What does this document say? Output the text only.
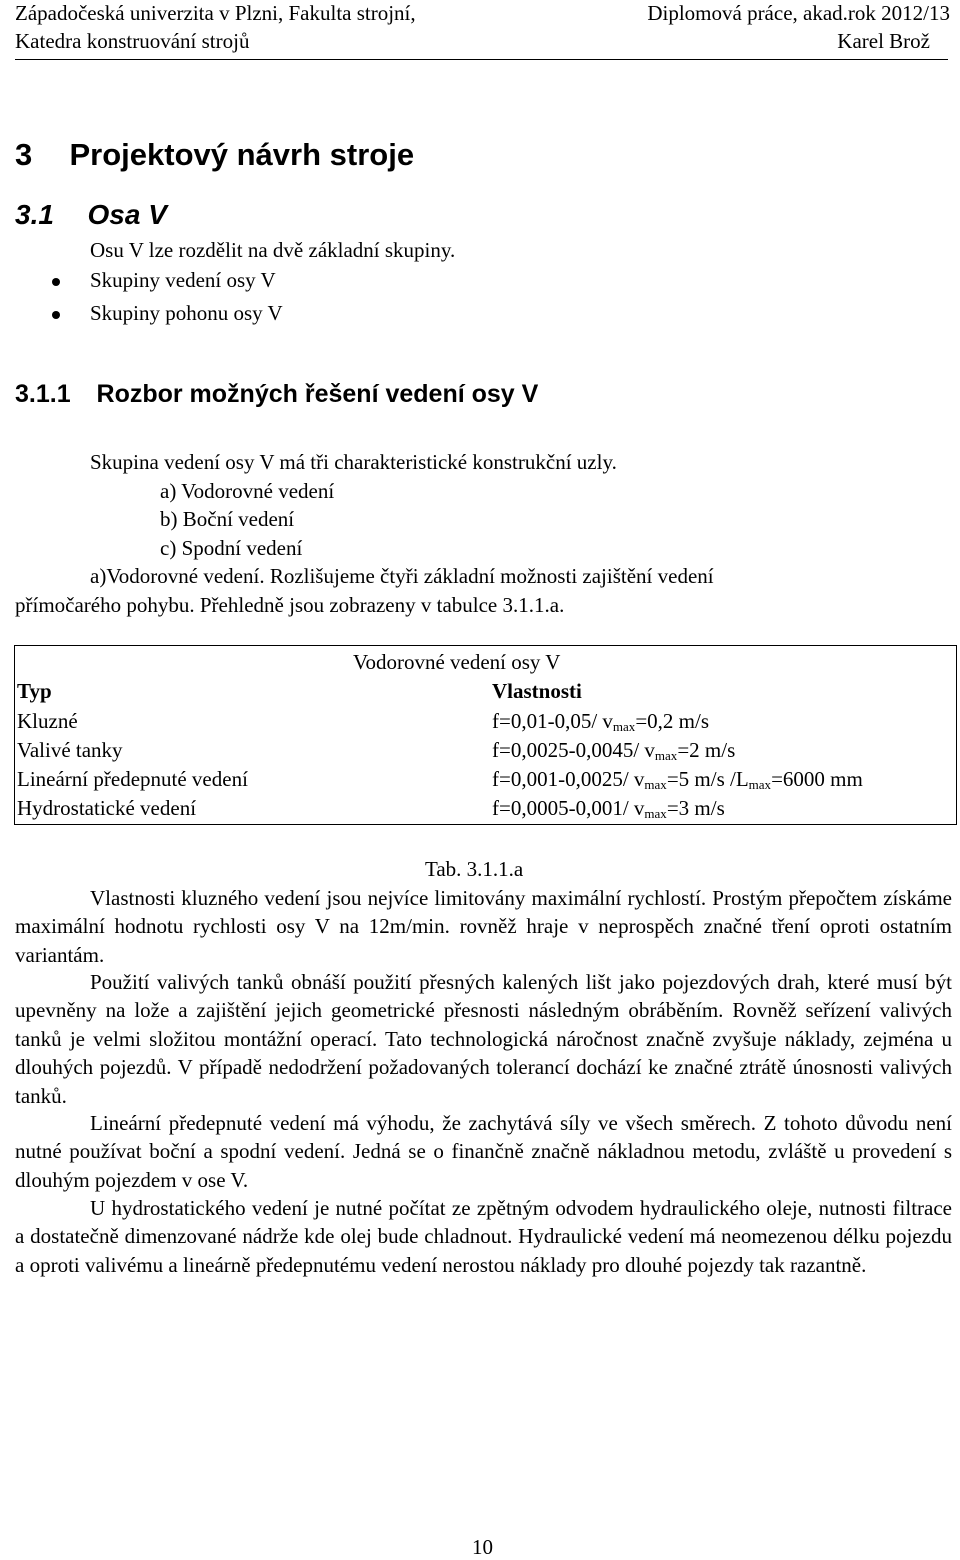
Západočeská univerzita v Plzni, Fakulta strojní,	Diplomová práce, akad.rok 2012/13
Katedra konstruování strojů	Karel Brož
3 Projektový návrh stroje
3.1 Osa V
Osu V lze rozdělit na dvě základní skupiny.
Skupiny vedení osy V
Skupiny pohonu osy V
3.1.1 Rozbor možných řešení vedení osy V
Skupina vedení osy V má tři charakteristické konstrukční uzly.
a) Vodorovné vedení
b) Boční vedení
c) Spodní vedení
a)Vodorovné vedení. Rozlišujeme čtyři základní možnosti zajištění vedení
přímočarého pohybu. Přehledně jsou zobrazeny v tabulce 3.1.1.a.
Vodorovné vedení osy V
Typ	Vlastnosti
Kluzné	f=0,01-0,05/ $v_{max}=0,2$ m/s
Valivé tanky	f=0,0025-0,0045/ $v_{max}=2$ m/s
Lineární předepnuté vedení	f=0,001-0,0025/ $v_{max}=5$ m/s $/L_{max}=6000$ mm
Hydrostatické vedení	f=0,0005-0,001/ $v_{max}=3$ m/s
Tab. 3.1.1.a
Vlastnosti kluzného vedení jsou nejvíce limitovány maximální rychlostí. Prostým přepočtem získáme maximální hodnotu rychlosti osy V na 12m/min. rovněž hraje v neprospěch značné tření oproti ostatním variantám.
Použití valivých tanků obnáší použití přesných kalených lišt jako pojezdových drah, které musí být upevněny na lože a zajištění jejich geometrické přesnosti následným obráběním. Rovněž seřízení valivých tanků je velmi složitou montážní operací. Tato technologická náročnost značně zvyšuje náklady, zejména u dlouhých pojezdů. V případě nedodržení požadovaných tolerancí dochází ke značné ztrátě únosnosti valivých tanků.
Lineární předepnuté vedení má výhodu, že zachytává síly ve všech směrech. Z tohoto důvodu není nutné používat boční a spodní vedení. Jedná se o finančně značně nákladnou metodu, zvláště u provedení s dlouhým pojezdem v ose V.
U hydrostatického vedení je nutné počítat ze zpětným odvodem hydraulického oleje, nutnosti filtrace a dostatečně dimenzované nádrže kde olej bude chladnout. Hydraulické vedení má neomezenou délku pojezdu a oproti valivému a lineárně předepnutému vedení nerostou náklady pro dlouhé pojezdy tak razantně.
10
